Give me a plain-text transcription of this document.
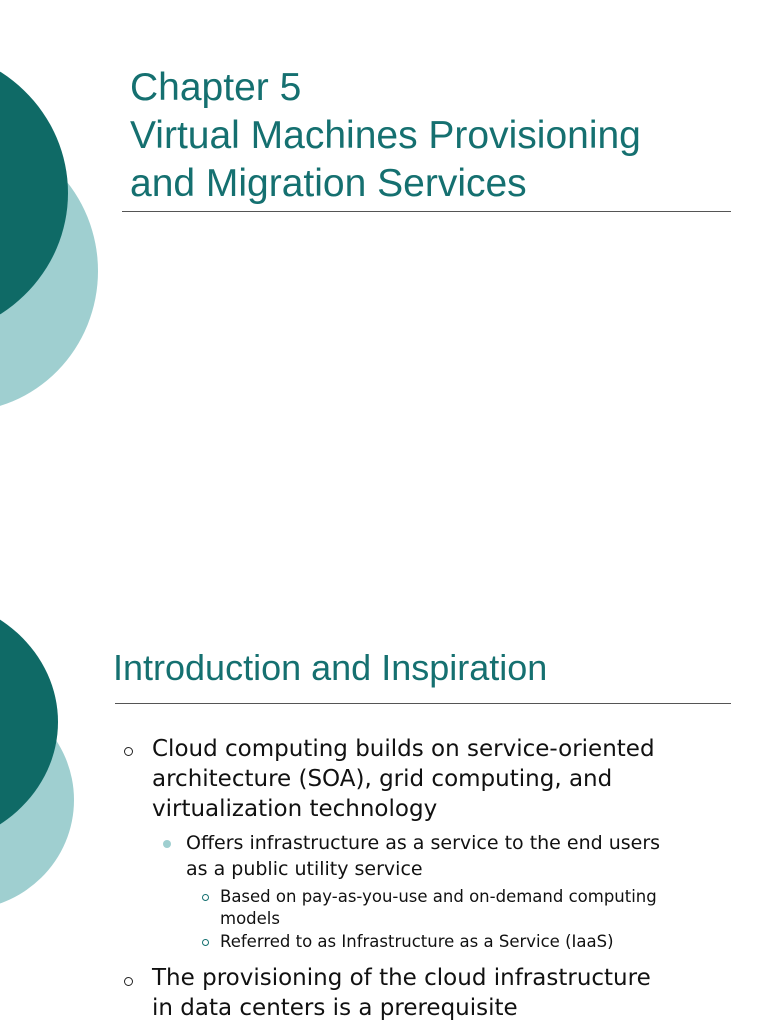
Chapter 5
Virtual Machines Provisioning
and Migration Services
Introduction and Inspiration
Cloud computing builds on service-oriented
architecture (SOA), grid computing, and
virtualization technology
Offers infrastructure as a service to the end users
as a public utility service
Based on pay-as-you-use and on-demand computing
models
Referred to as Infrastructure as a Service (IaaS)
The provisioning of the cloud infrastructure
in data centers is a prerequisite
